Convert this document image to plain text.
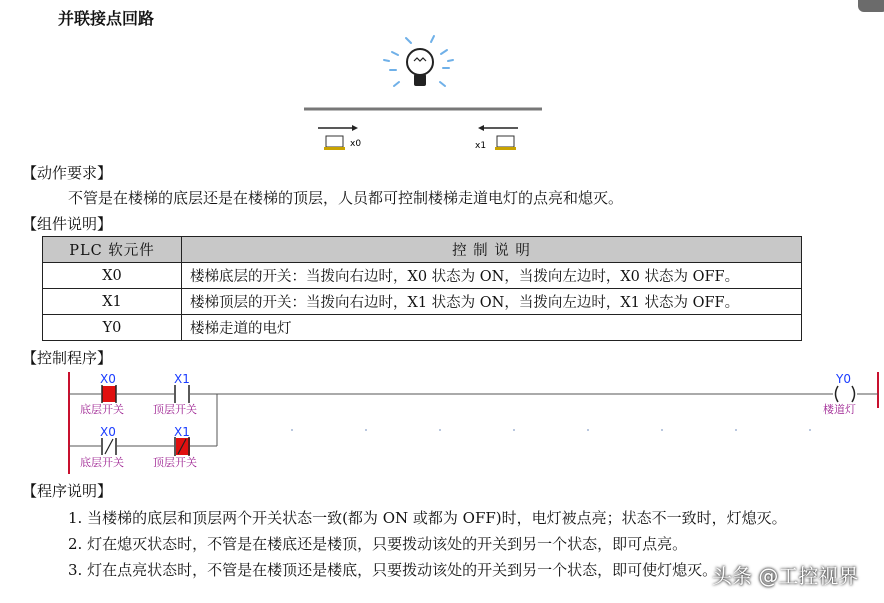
并联接点回路
x0	x1
【动作要求】
不管是在楼梯的底层还是在楼梯的顶层，人员都可控制楼梯走道电灯的点亮和熄灭。
【组件说明】
PLC 软元件	控 制 说 明
X0	楼梯底层的开关：当拨向右边时，X0 状态为 ON，当拨向左边时，X0 状态为 OFF。
X1	楼梯顶层的开关：当拨向右边时，X1 状态为 ON，当拨向左边时，X1 状态为 OFF。
Y0	楼梯走道的电灯
【控制程序】
X0
底层开关
X1
顶层开关
Y0
楼道灯
X0
底层开关
X1
顶层开关
【程序说明】
1. 当楼梯的底层和顶层两个开关状态一致(都为 ON 或都为 OFF)时，电灯被点亮；状态不一致时，灯熄灭。
2. 灯在熄灭状态时，不管是在楼底还是楼顶，只要拨动该处的开关到另一个状态，即可点亮。
3. 灯在点亮状态时，不管是在楼顶还是楼底，只要拨动该处的开关到另一个状态，即可使灯熄灭。
头条 @工控视界
